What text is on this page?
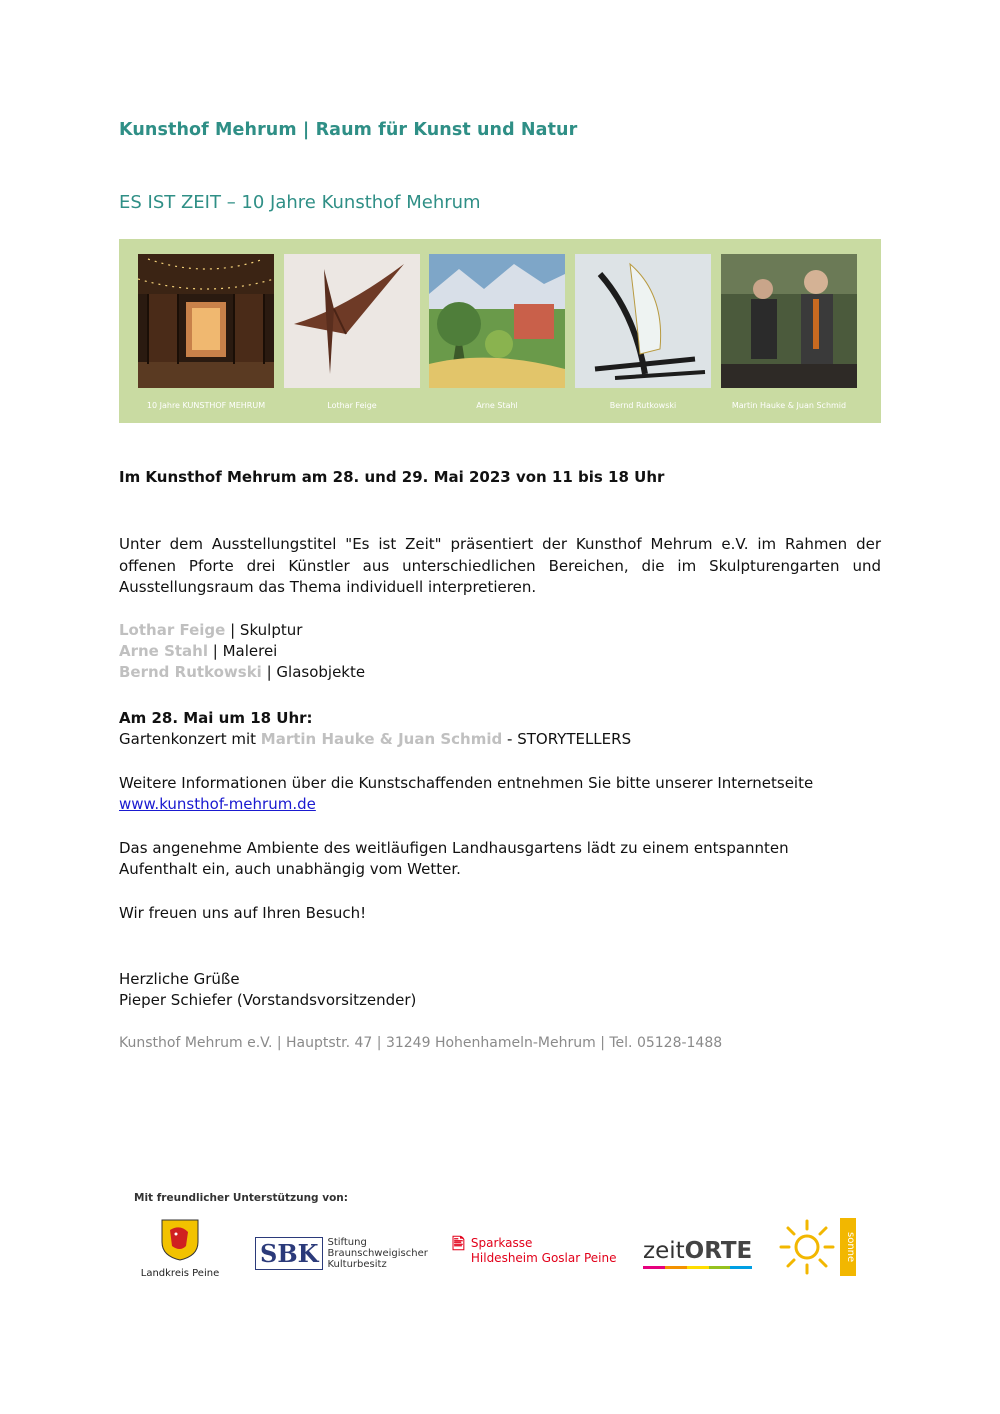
Kunsthof Mehrum | Raum für Kunst und Natur
ES IST ZEIT – 10 Jahre Kunsthof Mehrum
10 Jahre KUNSTHOF MEHRUM	Lothar Feige	Arne Stahl	Bernd Rutkowski	Martin Hauke & Juan Schmid
Im Kunsthof Mehrum am 28. und 29. Mai 2023 von 11 bis 18 Uhr
Unter dem Ausstellungstitel "Es ist Zeit" präsentiert der Kunsthof Mehrum e.V. im Rahmen der offenen Pforte drei Künstler aus unterschiedlichen Bereichen, die im Skulpturengarten und Ausstellungsraum das Thema individuell interpretieren.
Lothar Feige | Skulptur
Arne Stahl | Malerei
Bernd Rutkowski | Glasobjekte
Am 28. Mai um 18 Uhr:
Gartenkonzert mit Martin Hauke & Juan Schmid - STORYTELLERS
Weitere Informationen über die Kunstschaffenden entnehmen Sie bitte unserer Internetseite
www.kunsthof-mehrum.de
Das angenehme Ambiente des weitläufigen Landhausgartens lädt zu einem entspannten Aufenthalt ein, auch unabhängig vom Wetter.
Wir freuen uns auf Ihren Besuch!
Herzliche Grüße
Pieper Schiefer (Vorstandsvorsitzender)
Kunsthof Mehrum e.V. | Hauptstr. 47 | 31249 Hohenhameln-Mehrum | Tel. 05128-1488
Mit freundlicher Unterstützung von:
Landkreis Peine
SBK Stiftung
Braunschweigischer
Kulturbesitz
🖹 Sparkasse
Hildesheim Goslar Peine zeitORTE	sonne
